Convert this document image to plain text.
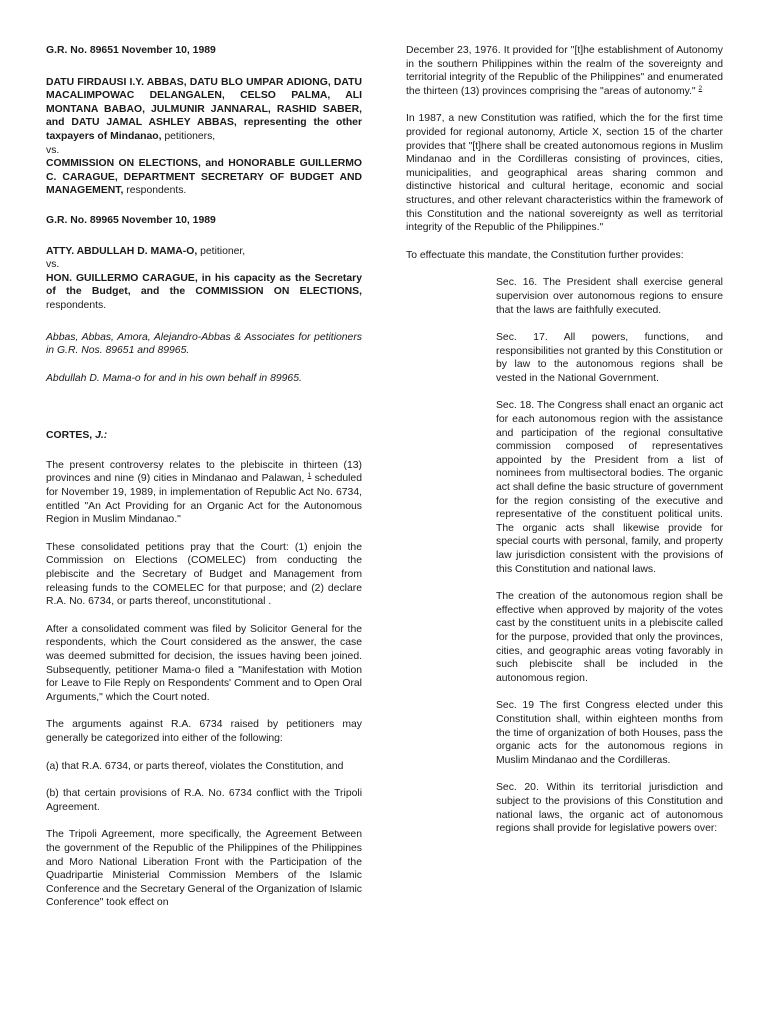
G.R. No. 89651 November 10, 1989

DATU FIRDAUSI I.Y. ABBAS, DATU BLO UMPAR ADIONG, DATU MACALIMPOWAC DELANGALEN, CELSO PALMA, ALI MONTANA BABAO, JULMUNIR JANNARAL, RASHID SABER, and DATU JAMAL ASHLEY ABBAS, representing the other taxpayers of Mindanao, petitioners,
vs.
COMMISSION ON ELECTIONS, and HONORABLE GUILLERMO C. CARAGUE, DEPARTMENT SECRETARY OF BUDGET AND MANAGEMENT, respondents.

G.R. No. 89965 November 10, 1989

ATTY. ABDULLAH D. MAMA-O, petitioner,
vs.
HON. GUILLERMO CARAGUE, in his capacity as the Secretary of the Budget, and the COMMISSION ON ELECTIONS, respondents.

Abbas, Abbas, Amora, Alejandro-Abbas & Associates for petitioners in G.R. Nos. 89651 and 89965.

Abdullah D. Mama-o for and in his own behalf in 89965.

CORTES, J.:

The present controversy relates to the plebiscite in thirteen (13) provinces and nine (9) cities in Mindanao and Palawan, $^1$ scheduled for November 19, 1989, in implementation of Republic Act No. 6734, entitled "An Act Providing for an Organic Act for the Autonomous Region in Muslim Mindanao."

These consolidated petitions pray that the Court: (1) enjoin the Commission on Elections (COMELEC) from conducting the plebiscite and the Secretary of Budget and Management from releasing funds to the COMELEC for that purpose; and (2) declare R.A. No. 6734, or parts thereof, unconstitutional .

After a consolidated comment was filed by Solicitor General for the respondents, which the Court considered as the answer, the case was deemed submitted for decision, the issues having been joined. Subsequently, petitioner Mama-o filed a "Manifestation with Motion for Leave to File Reply on Respondents' Comment and to Open Oral Arguments," which the Court noted.

The arguments against R.A. 6734 raised by petitioners may generally be categorized into either of the following:

(a) that R.A. 6734, or parts thereof, violates the Constitution, and

(b) that certain provisions of R.A. No. 6734 conflict with the Tripoli Agreement.

The Tripoli Agreement, more specifically, the Agreement Between the government of the Republic of the Philippines of the Philippines and Moro National Liberation Front with the Participation of the Quadripartie Ministerial Commission Members of the Islamic Conference and the Secretary General of the Organization of Islamic Conference" took effect on

December 23, 1976. It provided for "[t]he establishment of Autonomy in the southern Philippines within the realm of the sovereignty and territorial integrity of the Republic of the Philippines" and enumerated the thirteen (13) provinces comprising the "areas of autonomy." $^2$

In 1987, a new Constitution was ratified, which the for the first time provided for regional autonomy, Article X, section 15 of the charter provides that "[t]here shall be created autonomous regions in Muslim Mindanao and in the Cordilleras consisting of provinces, cities, municipalities, and geographical areas sharing common and distinctive historical and cultural heritage, economic and social structures, and other relevant characteristics within the framework of this Constitution and the national sovereignty as well as territorial integrity of the Republic of the Philippines."

To effectuate this mandate, the Constitution further provides:

Sec. 16. The President shall exercise general supervision over autonomous regions to ensure that the laws are faithfully executed.

Sec. 17. All powers, functions, and responsibilities not granted by this Constitution or by law to the autonomous regions shall be vested in the National Government.

Sec. 18. The Congress shall enact an organic act for each autonomous region with the assistance and participation of the regional consultative commission composed of representatives appointed by the President from a list of nominees from multisectoral bodies. The organic act shall define the basic structure of government for the region consisting of the executive and representative of the constituent political units. The organic acts shall likewise provide for special courts with personal, family, and property law jurisdiction consistent with the provisions of this Constitution and national laws.

The creation of the autonomous region shall be effective when approved by majority of the votes cast by the constituent units in a plebiscite called for the purpose, provided that only the provinces, cities, and geographic areas voting favorably in such plebiscite shall be included in the autonomous region.

Sec. 19 The first Congress elected under this Constitution shall, within eighteen months from the time of organization of both Houses, pass the organic acts for the autonomous regions in Muslim Mindanao and the Cordilleras.

Sec. 20. Within its territorial jurisdiction and subject to the provisions of this Constitution and national laws, the organic act of autonomous regions shall provide for legislative powers over:
